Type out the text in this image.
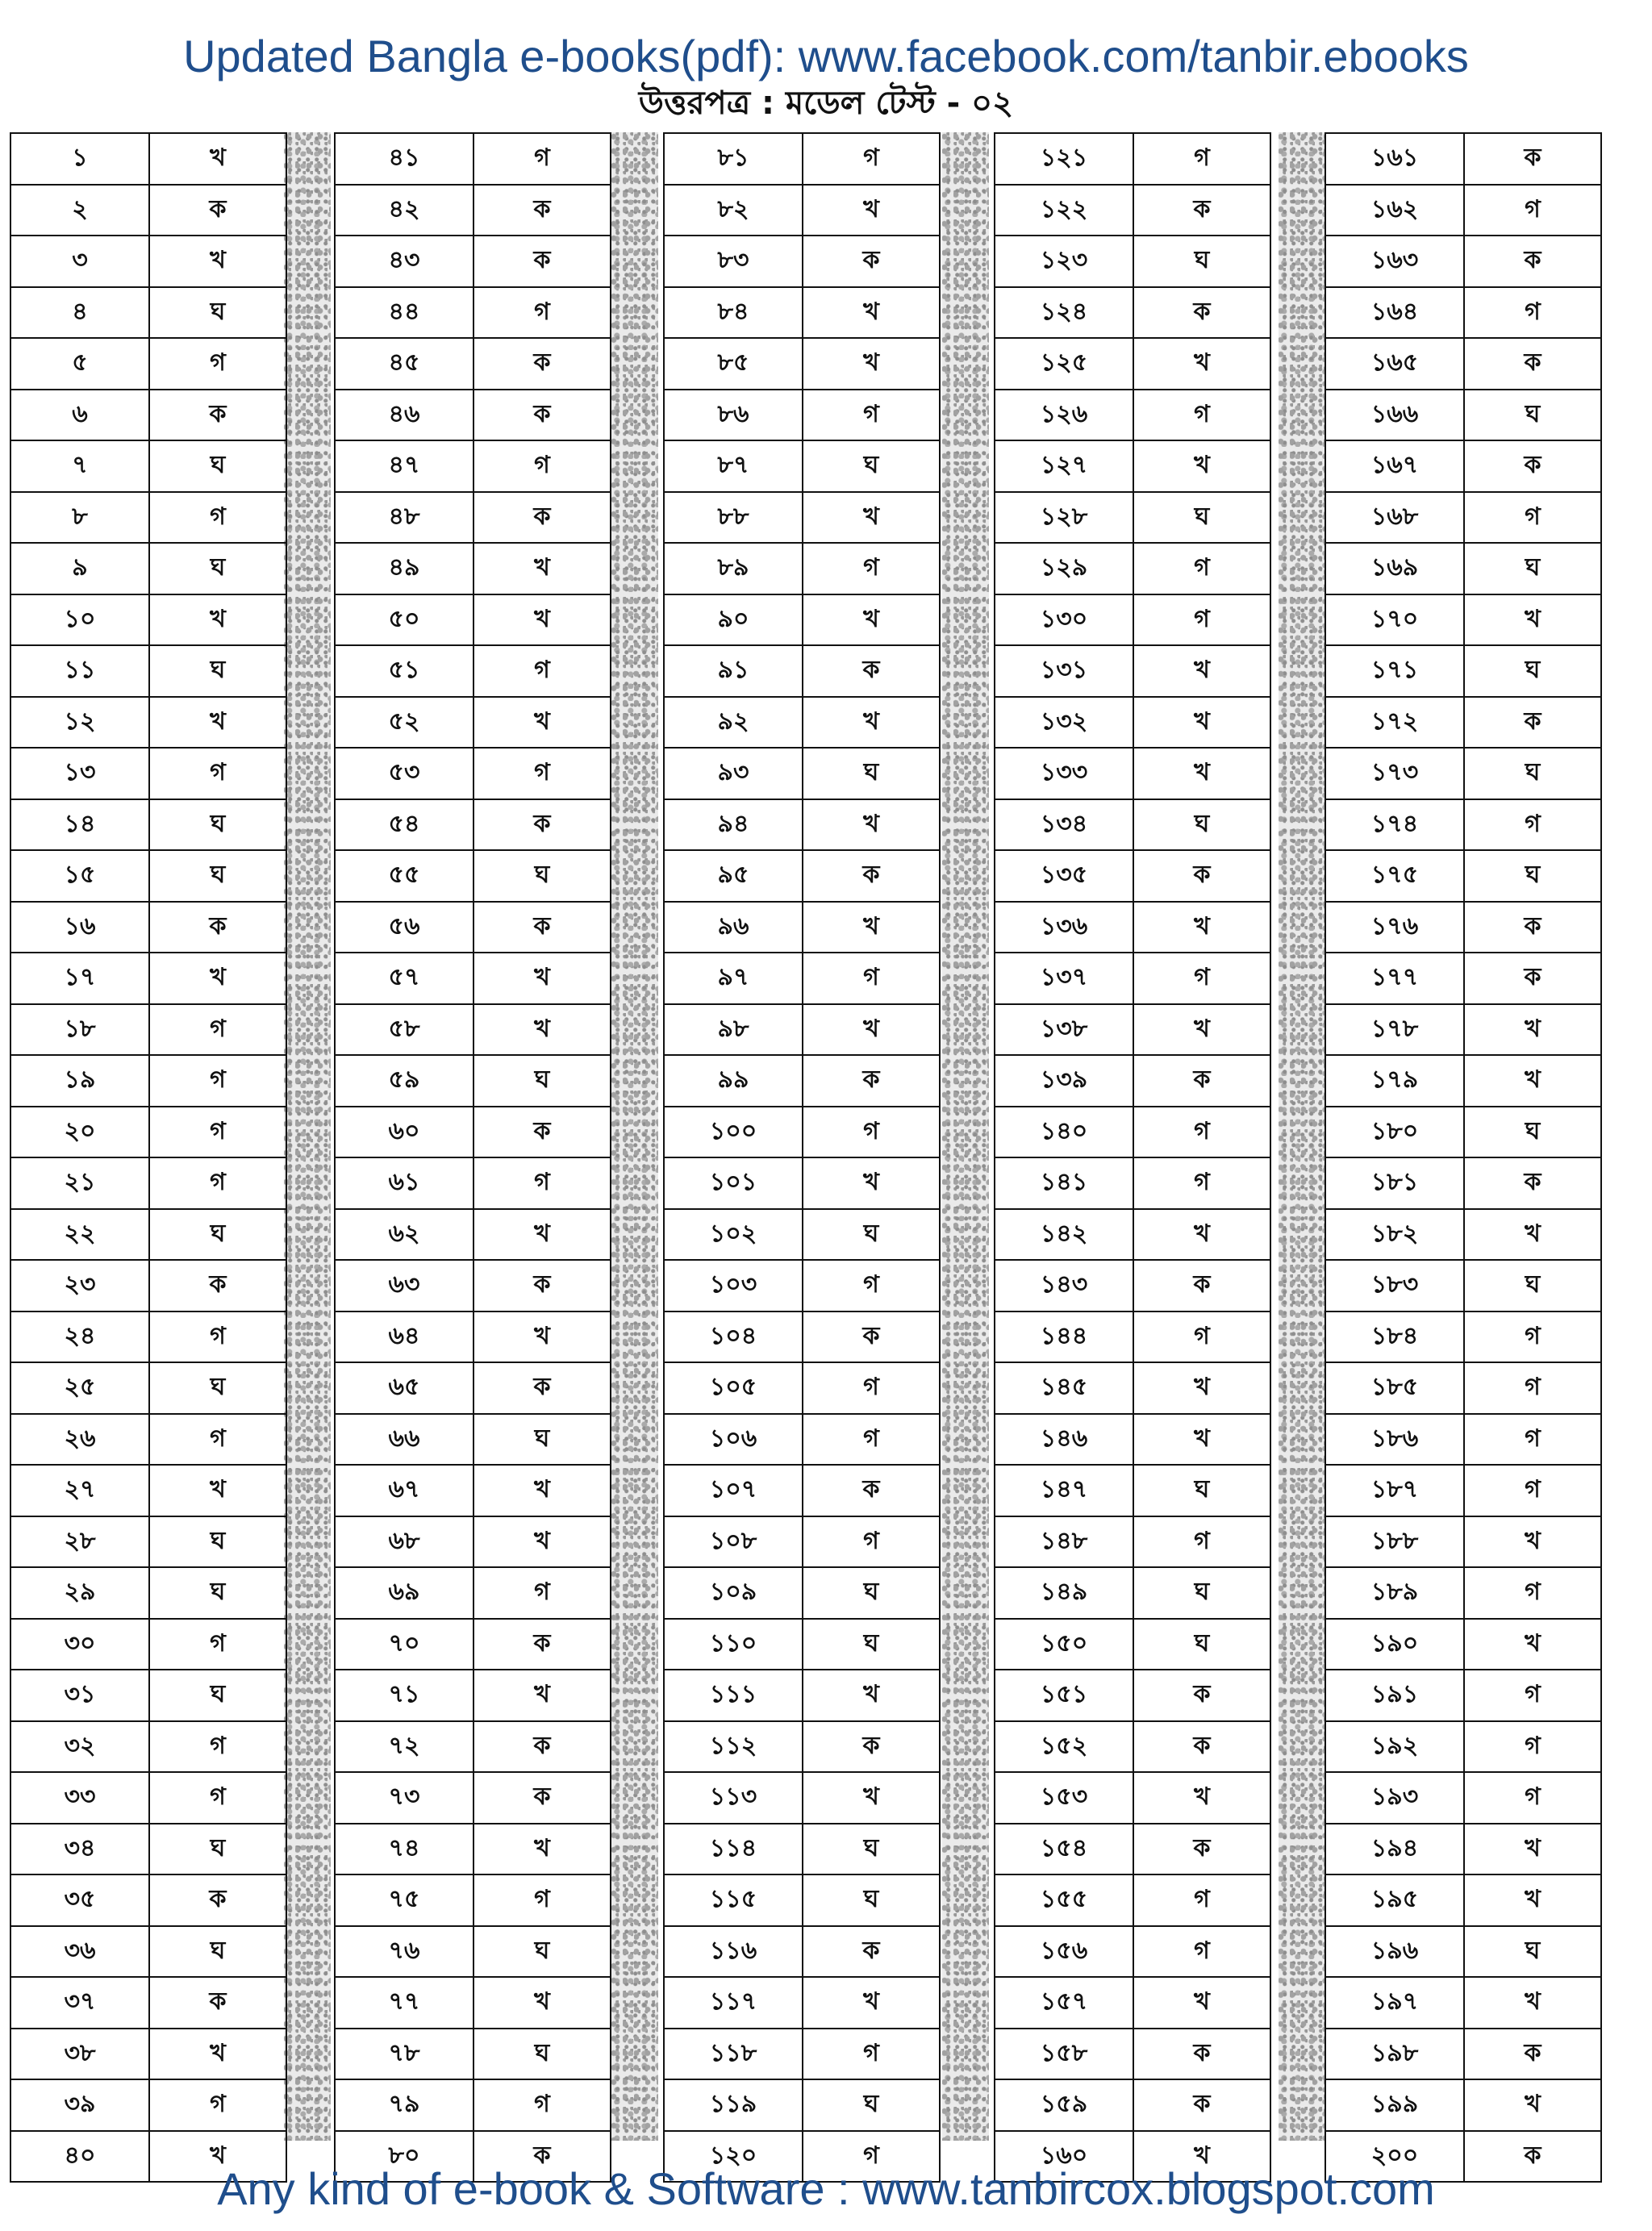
Updated Bangla e-books(pdf): www.facebook.com/tanbir.ebooks
উত্তরপত্র : মডেল টেস্ট - ০২
১	খ
২	ক
৩	খ
৪	ঘ
৫	গ
৬	ক
৭	ঘ
৮	গ
৯	ঘ
১০	খ
১১	ঘ
১২	খ
১৩	গ
১৪	ঘ
১৫	ঘ
১৬	ক
১৭	খ
১৮	গ
১৯	গ
২০	গ
২১	গ
২২	ঘ
২৩	ক
২৪	গ
২৫	ঘ
২৬	গ
২৭	খ
২৮	ঘ
২৯	ঘ
৩০	গ
৩১	ঘ
৩২	গ
৩৩	গ
৩৪	ঘ
৩৫	ক
৩৬	ঘ
৩৭	ক
৩৮	খ
৩৯	গ
৪০	খ
৪১	গ
৪২	ক
৪৩	ক
৪৪	গ
৪৫	ক
৪৬	ক
৪৭	গ
৪৮	ক
৪৯	খ
৫০	খ
৫১	গ
৫২	খ
৫৩	গ
৫৪	ক
৫৫	ঘ
৫৬	ক
৫৭	খ
৫৮	খ
৫৯	ঘ
৬০	ক
৬১	গ
৬২	খ
৬৩	ক
৬৪	খ
৬৫	ক
৬৬	ঘ
৬৭	খ
৬৮	খ
৬৯	গ
৭০	ক
৭১	খ
৭২	ক
৭৩	ক
৭৪	খ
৭৫	গ
৭৬	ঘ
৭৭	খ
৭৮	ঘ
৭৯	গ
৮০	ক
৮১	গ
৮২	খ
৮৩	ক
৮৪	খ
৮৫	খ
৮৬	গ
৮৭	ঘ
৮৮	খ
৮৯	গ
৯০	খ
৯১	ক
৯২	খ
৯৩	ঘ
৯৪	খ
৯৫	ক
৯৬	খ
৯৭	গ
৯৮	খ
৯৯	ক
১০০	গ
১০১	খ
১০২	ঘ
১০৩	গ
১০৪	ক
১০৫	গ
১০৬	গ
১০৭	ক
১০৮	গ
১০৯	ঘ
১১০	ঘ
১১১	খ
১১২	ক
১১৩	খ
১১৪	ঘ
১১৫	ঘ
১১৬	ক
১১৭	খ
১১৮	গ
১১৯	ঘ
১২০	গ
১২১	গ
১২২	ক
১২৩	ঘ
১২৪	ক
১২৫	খ
১২৬	গ
১২৭	খ
১২৮	ঘ
১২৯	গ
১৩০	গ
১৩১	খ
১৩২	খ
১৩৩	খ
১৩৪	ঘ
১৩৫	ক
১৩৬	খ
১৩৭	গ
১৩৮	খ
১৩৯	ক
১৪০	গ
১৪১	গ
১৪২	খ
১৪৩	ক
১৪৪	গ
১৪৫	খ
১৪৬	খ
১৪৭	ঘ
১৪৮	গ
১৪৯	ঘ
১৫০	ঘ
১৫১	ক
১৫২	ক
১৫৩	খ
১৫৪	ক
১৫৫	গ
১৫৬	গ
১৫৭	খ
১৫৮	ক
১৫৯	ক
১৬০	খ
১৬১	ক
১৬২	গ
১৬৩	ক
১৬৪	গ
১৬৫	ক
১৬৬	ঘ
১৬৭	ক
১৬৮	গ
১৬৯	ঘ
১৭০	খ
১৭১	ঘ
১৭২	ক
১৭৩	ঘ
১৭৪	গ
১৭৫	ঘ
১৭৬	ক
১৭৭	ক
১৭৮	খ
১৭৯	খ
১৮০	ঘ
১৮১	ক
১৮২	খ
১৮৩	ঘ
১৮৪	গ
১৮৫	গ
১৮৬	গ
১৮৭	গ
১৮৮	খ
১৮৯	গ
১৯০	খ
১৯১	গ
১৯২	গ
১৯৩	গ
১৯৪	খ
১৯৫	খ
১৯৬	ঘ
১৯৭	খ
১৯৮	ক
১৯৯	খ
২০০	ক
Any kind of e-book & Software : www.tanbircox.blogspot.com
